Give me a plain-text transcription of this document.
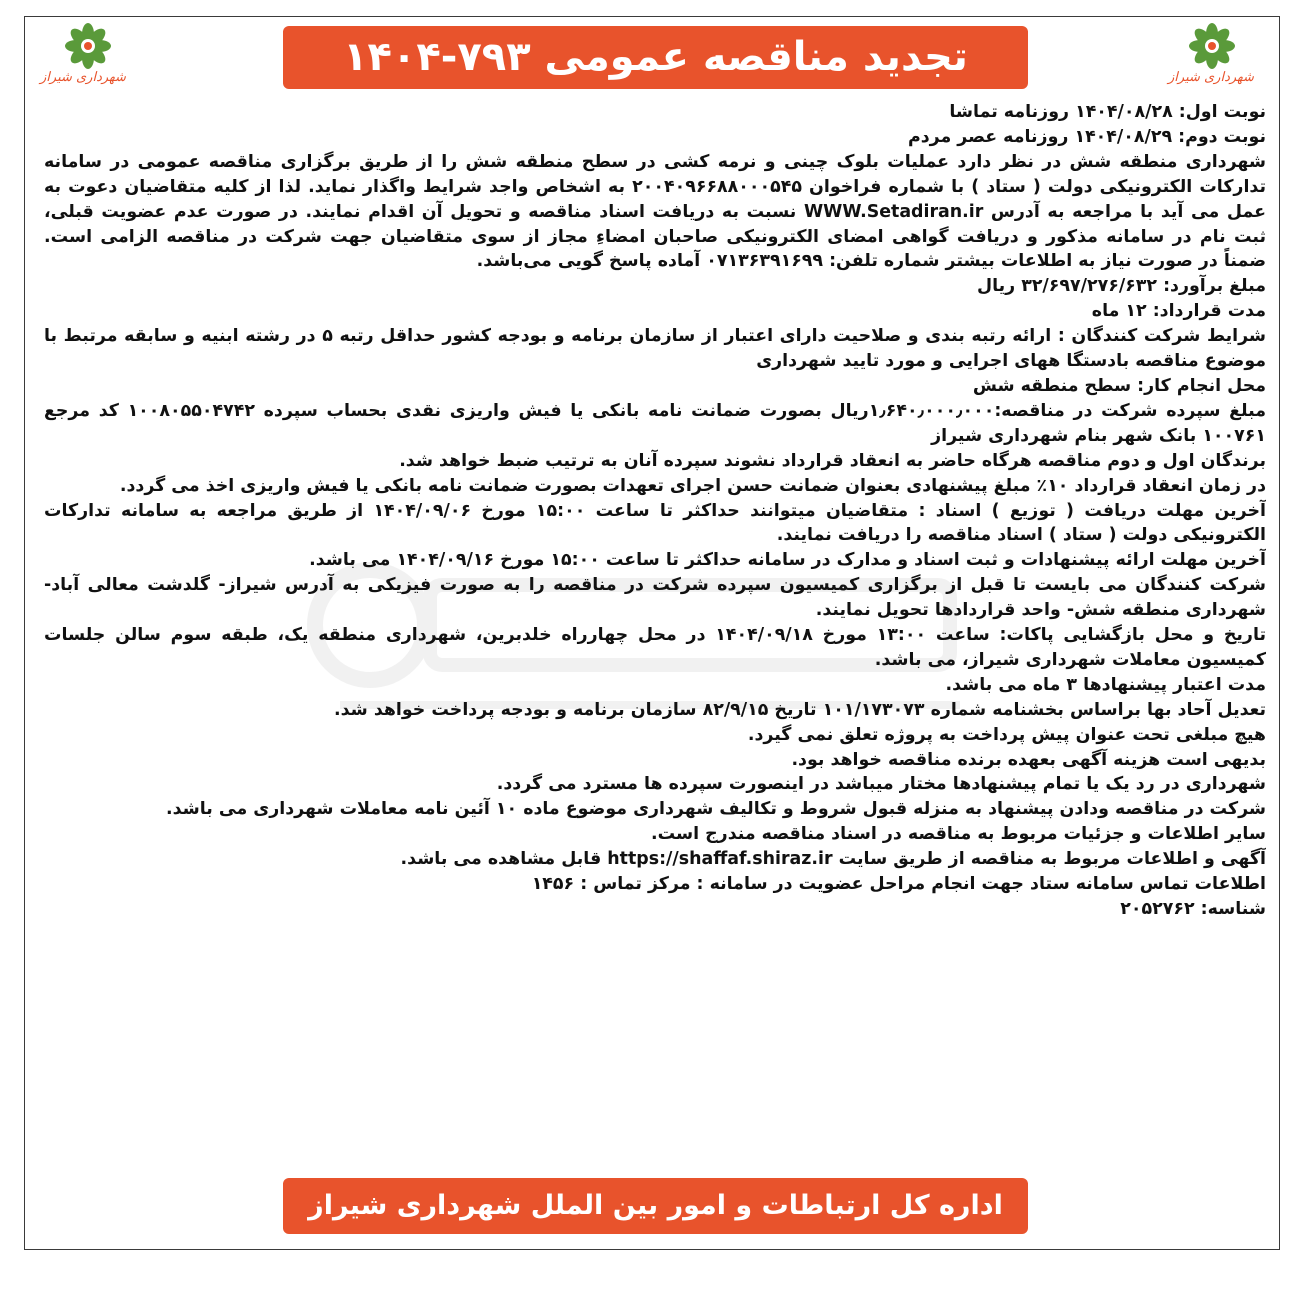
شهرداری شیراز
شهرداری شیراز	تجدید مناقصه عمومی ۷۹۳-۱۴۰۴

نوبت اول: ۱۴۰۴/۰۸/۲۸ روزنامه تماشا

نوبت دوم: ۱۴۰۴/۰۸/۲۹ روزنامه عصر مردم

شهرداری منطقه شش در نظر دارد عملیات بلوک چینی و نرمه کشی در سطح منطقه شش را از طریق برگزاری مناقصه عمومی در سامانه تدارکات الکترونیکی دولت ( ستاد ) با شماره فراخوان ۲۰۰۴۰۹۶۶۸۸۰۰۰۵۴۵ به اشخاص واجد شرایط واگذار نماید. لذا از کلیه متقاضیان دعوت به عمل می آید با مراجعه به آدرس WWW.Setadiran.ir نسبت به دریافت اسناد مناقصه و تحویل آن اقدام نمایند. در صورت عدم عضویت قبلی، ثبت نام در سامانه مذکور و دریافت گواهی امضای الکترونیکی صاحبان امضاءِ مجاز از سوی متقاضیان جهت شرکت در مناقصه الزامی است. ضمناً در صورت نیاز به اطلاعات بیشتر شماره تلفن: ۰۷۱۳۶۳۹۱۶۹۹ آماده پاسخ گویی می‌باشد.

مبلغ برآورد: ۳۲/۶۹۷/۲۷۶/۶۳۲ ریال

مدت قرارداد: ۱۲ ماه

شرایط شرکت کنندگان : ارائه رتبه بندی و صلاحیت دارای اعتبار از سازمان برنامه و بودجه کشور حداقل رتبه ۵ در رشته ابنیه و سابقه مرتبط با موضوع مناقصه بادستگا ههای اجرایی و مورد تایید شهرداری

محل انجام کار: سطح منطقه شش

مبلغ سپرده شرکت در مناقصه:۱٫۶۴۰٫۰۰۰٫۰۰۰ریال بصورت ضمانت نامه بانکی یا فیش واریزی نقدی بحساب سپرده ۱۰۰۸۰۵۵۰۴۷۴۲ کد مرجع ۱۰۰۷۶۱ بانک شهر بنام شهرداری شیراز

برندگان اول و دوم مناقصه هرگاه حاضر به انعقاد قرارداد نشوند سپرده آنان به ترتیب ضبط خواهد شد.

در زمان انعقاد قرارداد ۱۰٪ مبلغ پیشنهادی بعنوان ضمانت حسن اجرای تعهدات بصورت ضمانت نامه بانکی یا فیش واریزی اخذ می گردد.

آخرین مهلت دریافت ( توزیع ) اسناد : متقاضیان میتوانند حداکثر تا ساعت ۱۵:۰۰ مورخ ۱۴۰۴/۰۹/۰۶ از طریق مراجعه به سامانه تدارکات الکترونیکی دولت ( ستاد ) اسناد مناقصه را دریافت نمایند.

آخرین مهلت ارائه پیشنهادات و ثبت اسناد و مدارک در سامانه حداکثر تا ساعت ۱۵:۰۰ مورخ ۱۴۰۴/۰۹/۱۶ می باشد.

شرکت کنندگان می بایست تا قبل از برگزاری کمیسیون سپرده شرکت در مناقصه را به صورت فیزیکی به آدرس شیراز- گلدشت معالی آباد- شهرداری منطقه شش- واحد قراردادها تحویل نمایند.

تاریخ و محل بازگشایی پاکات: ساعت ۱۳:۰۰ مورخ ۱۴۰۴/۰۹/۱۸ در محل چهارراه خلدبرین، شهرداری منطقه یک، طبقه سوم سالن جلسات کمیسیون معاملات شهرداری شیراز، می باشد.

مدت اعتبار پیشنهادها ۳ ماه می باشد.

تعدیل آحاد بها براساس بخشنامه شماره ۱۰۱/۱۷۳۰۷۳ تاریخ ۸۲/۹/۱۵ سازمان برنامه و بودجه پرداخت خواهد شد.

هیچ مبلغی تحت عنوان پیش پرداخت به پروژه تعلق نمی گیرد.

بدیهی است هزینه آگهی بعهده برنده مناقصه خواهد بود.

شهرداری در رد یک یا تمام پیشنهادها مختار میباشد در اینصورت سپرده ها مسترد می گردد.

شرکت در مناقصه ودادن پیشنهاد به منزله قبول شروط و تکالیف شهرداری موضوع ماده ۱۰ آئین نامه معاملات شهرداری می باشد.

سایر اطلاعات و جزئیات مربوط به مناقصه در اسناد مناقصه مندرج است.

آگهی و اطلاعات مربوط به مناقصه از طریق سایت https://shaffaf.shiraz.ir قابل مشاهده می باشد.

اطلاعات تماس سامانه ستاد جهت انجام مراحل عضویت در سامانه : مرکز تماس : ۱۴۵۶

شناسه: ۲۰۵۲۷۶۲

اداره کل ارتباطات و امور بین الملل شهرداری شیراز
